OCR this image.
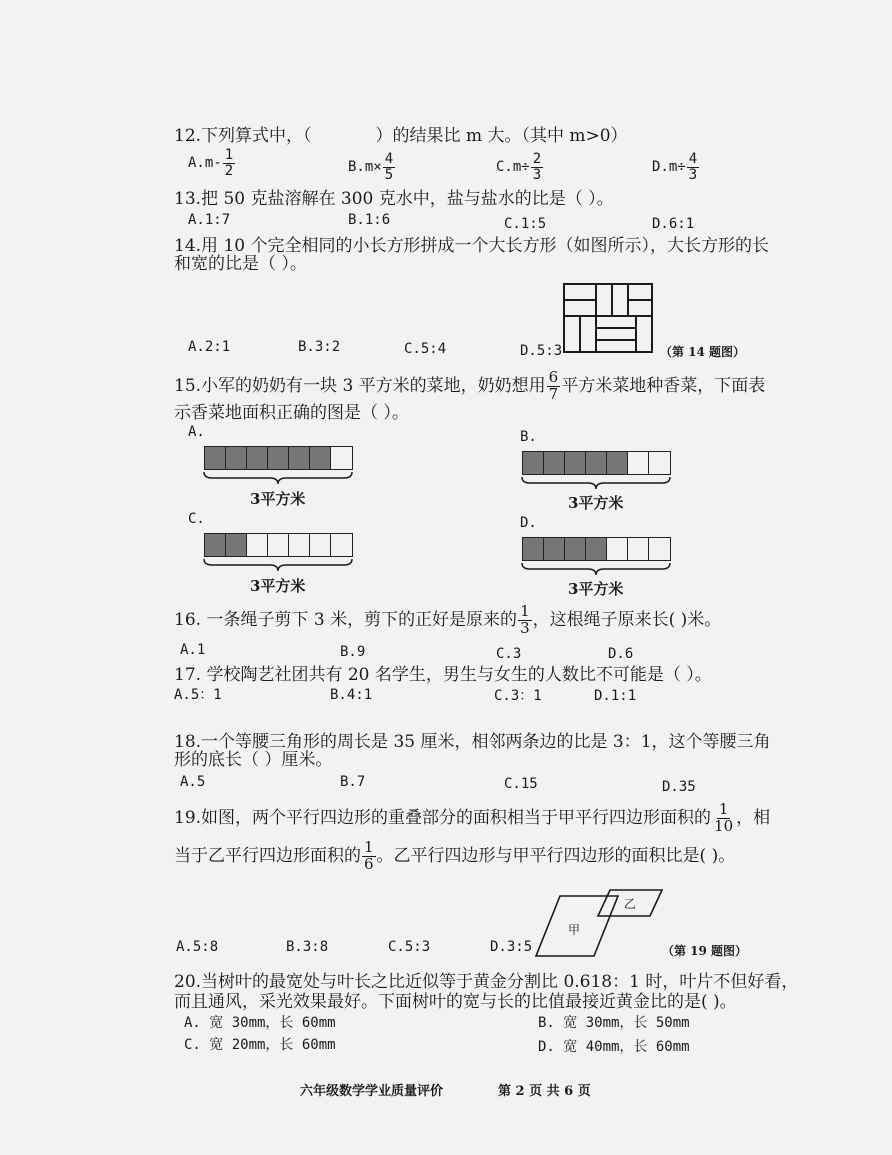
12.下列算式中，（	）的结果比 m 大。（其中 m>0）
$A.m- \frac{1}{2}$	$B.m\times \frac{4}{5}$	$C.m\div \frac{2}{3}$	$D.m\div \frac{4}{3}$
13.把 50 克盐溶解在 300 克水中，盐与盐水的比是（ ）。
A.1:7	B.1:6	C.1:5	D.6:1
14.用 10 个完全相同的小长方形拼成一个大长方形（如图所示），大长方形的长
和宽的比是（ ）。
A.2:1	B.3:2	C.5:4	D.5:3	（第 14 题图）
15.小军的奶奶有一块 3 平方米的菜地，奶奶想用 $\frac{6}{7}$ 平方米菜地种香菜，下面表
示香菜地面积正确的图是（ ）。
A.	B.
C.	D.
3平方米	3平方米
3平方米	3平方米
16. 一条绳子剪下 3 米，剪下的正好是原来的 $\frac{1}{3}$ ，这根绳子原来长( )米。
A.1	B.9	C.3	D.6
17. 学校陶艺社团共有 20 名学生，男生与女生的人数比不可能是（ ）。
A.5：1	B.4:1	C.3：1	D.1:1
18.一个等腰三角形的周长是 35 厘米，相邻两条边的比是 3：1，这个等腰三角
形的底长（ ）厘米。
A.5	B.7	C.15	D.35
19.如图，两个平行四边形的重叠部分的面积相当于甲平行四边形面积的 $\frac{1}{10}$ ，相
当于乙平行四边形面积的 $\frac{1}{6}$ 。乙平行四边形与甲平行四边形的面积比是( )。
甲
乙
A.5:8	B.3:8	C.5:3	D.3:5	（第 19 题图）
20.当树叶的最宽处与叶长之比近似等于黄金分割比 0.618：1 时，叶片不但好看，
而且通风，采光效果最好。下面树叶的宽与长的比值最接近黄金比的是( )。
A. 宽 30mm，长 60mm	B. 宽 30mm，长 50mm
C. 宽 20mm，长 60mm	D. 宽 40mm，长 60mm
六年级数学学业质量评价	第 2 页 共 6 页
